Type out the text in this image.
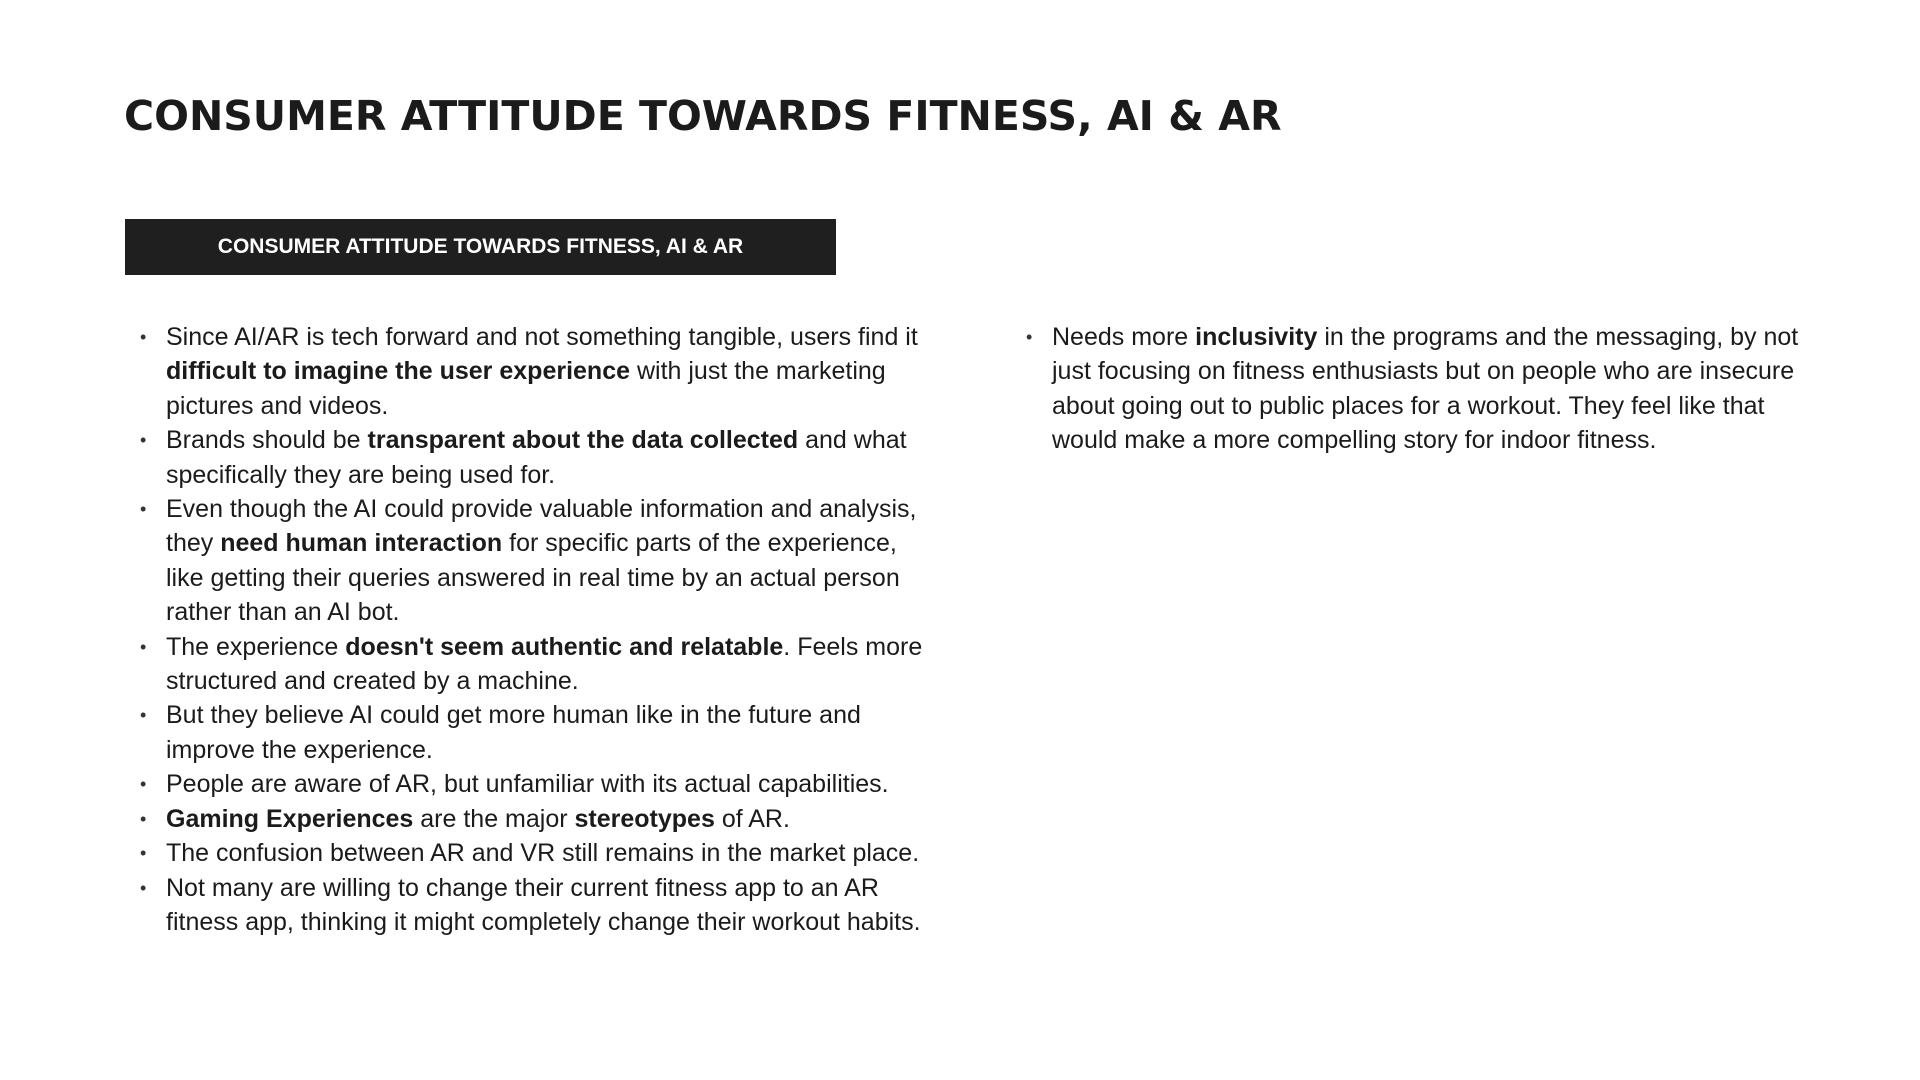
CONSUMER ATTITUDE TOWARDS FITNESS, AI & AR
CONSUMER ATTITUDE TOWARDS FITNESS, AI & AR
• Since AI/AR is tech forward and not something tangible, users find it difficult to imagine the user experience with just the marketing pictures and videos.
• Brands should be transparent about the data collected and what specifically they are being used for.
• Even though the AI could provide valuable information and analysis, they need human interaction for specific parts of the experience, like getting their queries answered in real time by an actual person rather than an AI bot.
• The experience doesn't seem authentic and relatable. Feels more structured and created by a machine.
• But they believe AI could get more human like in the future and improve the experience.
• People are aware of AR, but unfamiliar with its actual capabilities.
• Gaming Experiences are the major stereotypes of AR.
• The confusion between AR and VR still remains in the market place.
• Not many are willing to change their current fitness app to an AR fitness app, thinking it might completely change their workout habits.
• Needs more inclusivity in the programs and the messaging, by not just focusing on fitness enthusiasts but on people who are insecure about going out to public places for a workout. They feel like that would make a more compelling story for indoor fitness.
